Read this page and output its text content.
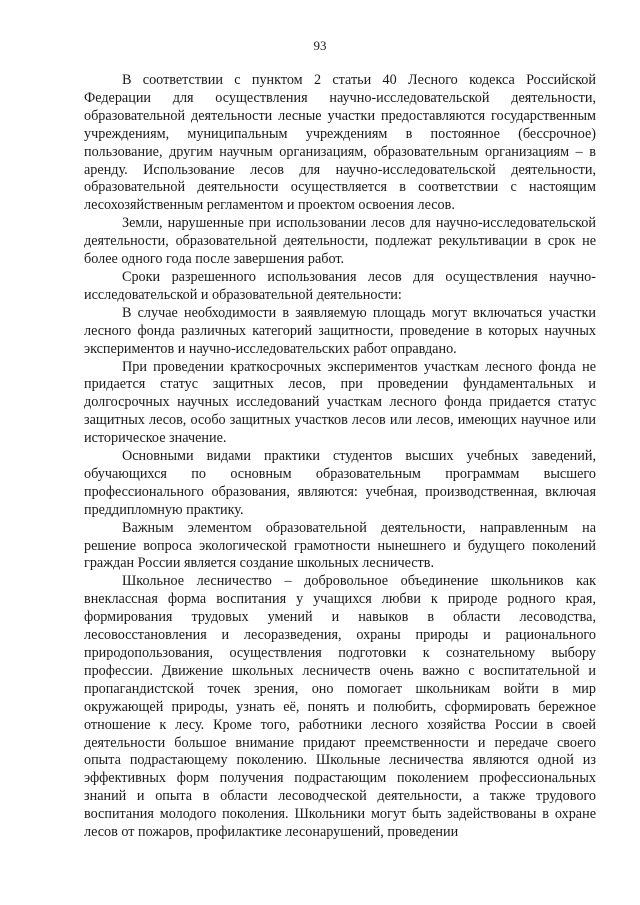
93

В соответствии с пунктом 2 статьи 40 Лесного кодекса Российской Федерации для осуществления научно-исследовательской деятельности, образовательной деятельности лесные участки предоставляются государственным учреждениям, муниципальным учреждениям в постоянное (бессрочное) пользование, другим научным организациям, образовательным организациям – в аренду. Использование лесов для научно-исследовательской деятельности, образовательной деятельности осуществляется в соответствии с настоящим лесохозяйственным регламентом и проектом освоения лесов.

Земли, нарушенные при использовании лесов для научно-исследовательской деятельности, образовательной деятельности, подлежат рекультивации в срок не более одного года после завершения работ.

Сроки разрешенного использования лесов для осуществления научно-исследовательской и образовательной деятельности:

В случае необходимости в заявляемую площадь могут включаться участки лесного фонда различных категорий защитности, проведение в которых научных экспериментов и научно-исследовательских работ оправдано.

При проведении краткосрочных экспериментов участкам лесного фонда не придается статус защитных лесов, при проведении фундаментальных и долгосрочных научных исследований участкам лесного фонда придается статус защитных лесов, особо защитных участков лесов или лесов, имеющих научное или историческое значение.

Основными видами практики студентов высших учебных заведений, обучающихся по основным образовательным программам высшего профессионального образования, являются: учебная, производственная, включая преддипломную практику.

Важным элементом образовательной деятельности, направленным на решение вопроса экологической грамотности нынешнего и будущего поколений граждан России является создание школьных лесничеств.

Школьное лесничество – добровольное объединение школьников как внеклассная форма воспитания у учащихся любви к природе родного края, формирования трудовых умений и навыков в области лесоводства, лесовосстановления и лесоразведения, охраны природы и рационального природопользования, осуществления подготовки к сознательному выбору профессии. Движение школьных лесничеств очень важно с воспитательной и пропагандистской точек зрения, оно помогает школьникам войти в мир окружающей природы, узнать её, понять и полюбить, сформировать бережное отношение к лесу. Кроме того, работники лесного хозяйства России в своей деятельности большое внимание придают преемственности и передаче своего опыта подрастающему поколению. Школьные лесничества являются одной из эффективных форм получения подрастающим поколением профессиональных знаний и опыта в области лесоводческой деятельности, а также трудового воспитания молодого поколения. Школьники могут быть задействованы в охране лесов от пожаров, профилактике лесонарушений, проведении
